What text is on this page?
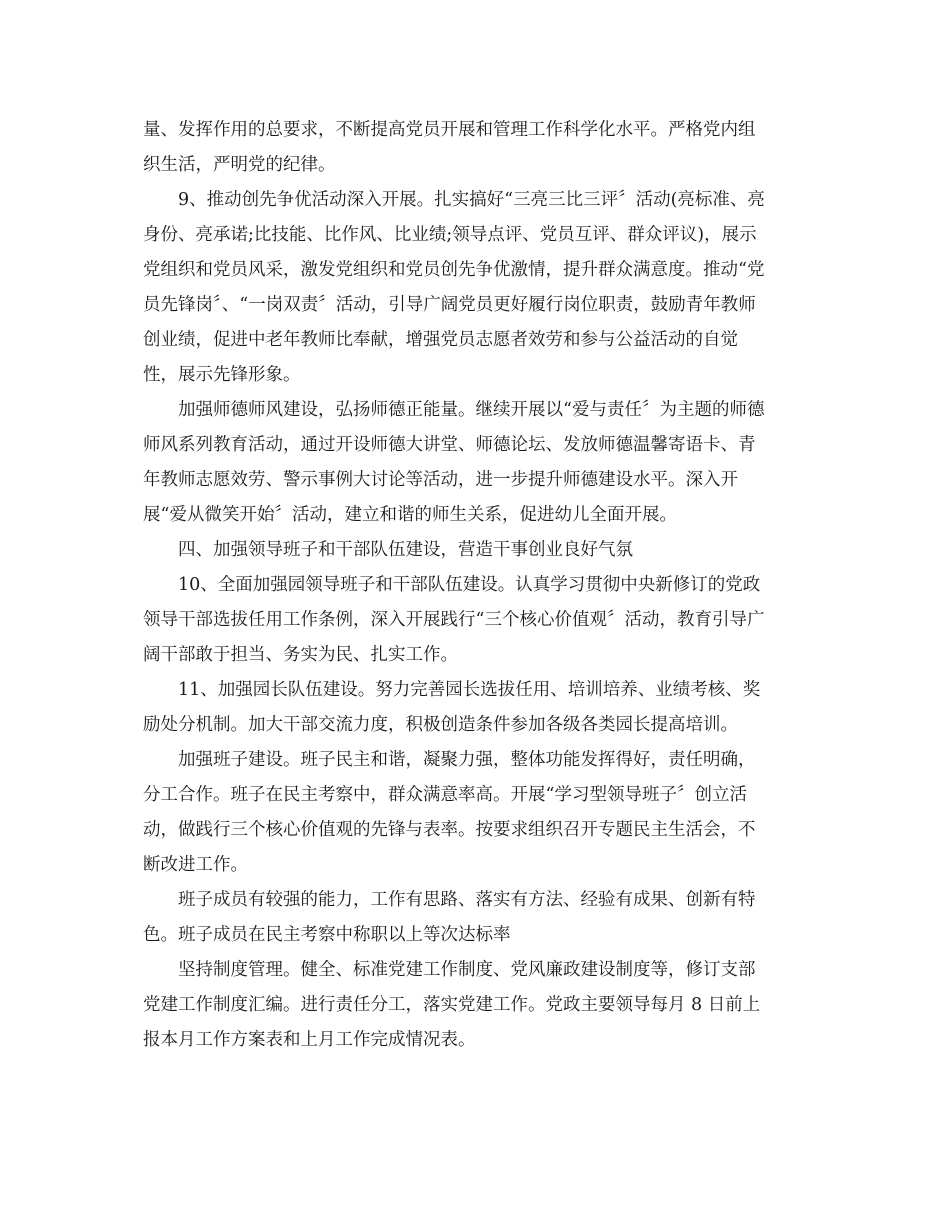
量、发挥作用的总要求，不断提高党员开展和管理工作科学化水平。严格党内组
织生活，严明党的纪律。
9、推动创先争优活动深入开展。扎实搞好“三亮三比三评〞活动(亮标准、亮
身份、亮承诺;比技能、比作风、比业绩;领导点评、党员互评、群众评议)，展示
党组织和党员风采，激发党组织和党员创先争优激情，提升群众满意度。推动“党
员先锋岗〞、“一岗双责〞活动，引导广阔党员更好履行岗位职责，鼓励青年教师
创业绩，促进中老年教师比奉献，增强党员志愿者效劳和参与公益活动的自觉
性，展示先锋形象。
加强师德师风建设，弘扬师德正能量。继续开展以“爱与责任〞为主题的师德
师风系列教育活动，通过开设师德大讲堂、师德论坛、发放师德温馨寄语卡、青
年教师志愿效劳、警示事例大讨论等活动，进一步提升师德建设水平。深入开
展“爱从微笑开始〞活动，建立和谐的师生关系，促进幼儿全面开展。
四、加强领导班子和干部队伍建设，营造干事创业良好气氛
10、全面加强园领导班子和干部队伍建设。认真学习贯彻中央新修订的党政
领导干部选拔任用工作条例，深入开展践行“三个核心价值观〞活动，教育引导广
阔干部敢于担当、务实为民、扎实工作。
11、加强园长队伍建设。努力完善园长选拔任用、培训培养、业绩考核、奖
励处分机制。加大干部交流力度，积极创造条件参加各级各类园长提高培训。
加强班子建设。班子民主和谐，凝聚力强，整体功能发挥得好，责任明确，
分工合作。班子在民主考察中，群众满意率高。开展“学习型领导班子〞创立活
动，做践行三个核心价值观的先锋与表率。按要求组织召开专题民主生活会，不
断改进工作。
班子成员有较强的能力，工作有思路、落实有方法、经验有成果、创新有特
色。班子成员在民主考察中称职以上等次达标率
坚持制度管理。健全、标准党建工作制度、党风廉政建设制度等，修订支部
党建工作制度汇编。进行责任分工，落实党建工作。党政主要领导每月 8 日前上
报本月工作方案表和上月工作完成情况表。
